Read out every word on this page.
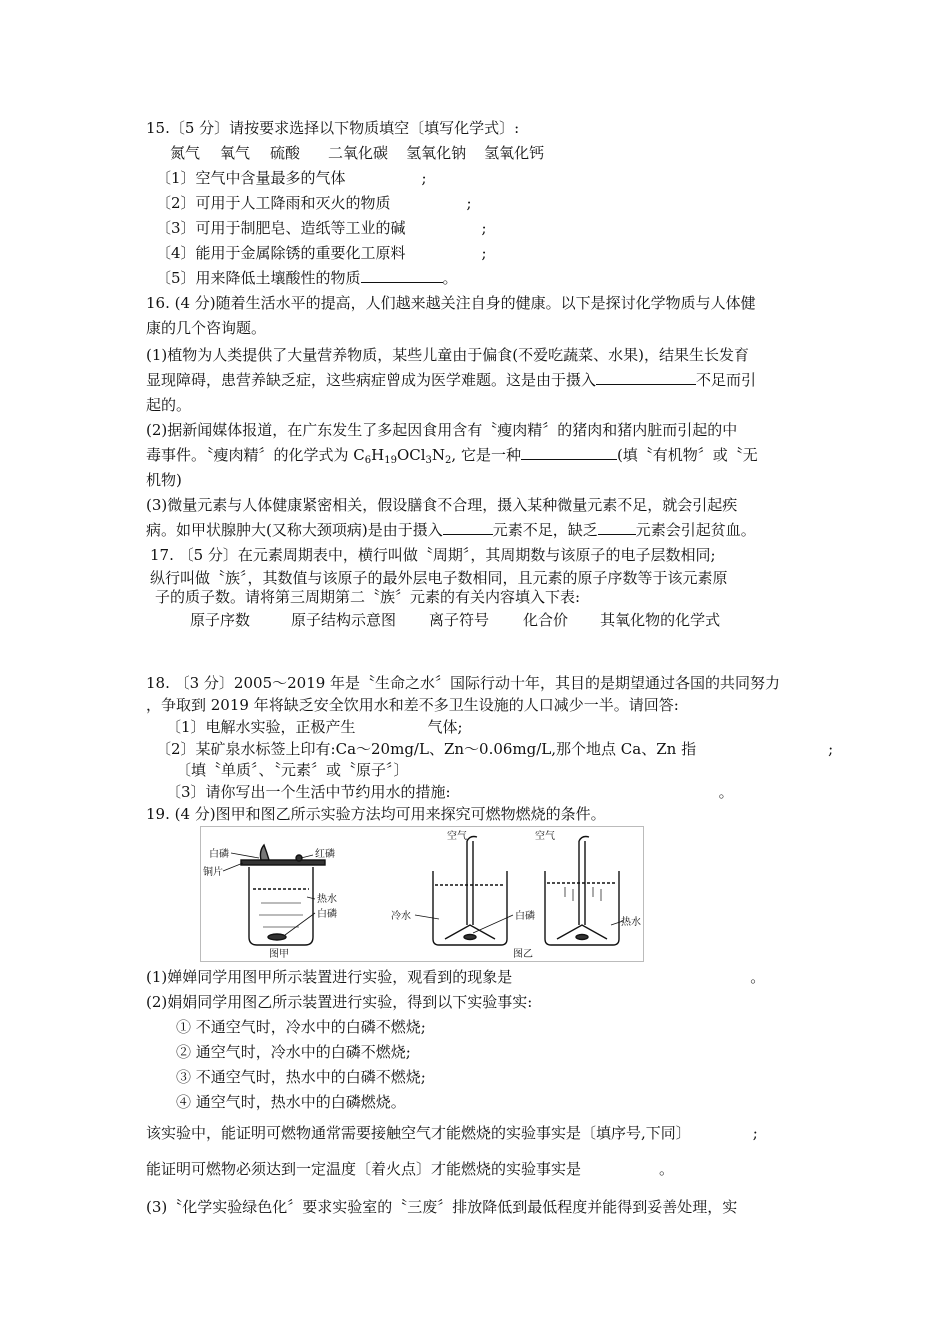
15.〔5 分〕请按要求选择以下物质填空〔填写化学式〕:
氮气 氧气 硫酸 二氧化碳 氢氧化钠 氢氧化钙
〔1〕空气中含量最多的气体	;
〔2〕可用于人工降雨和灭火的物质	;
〔3〕可用于制肥皂、造纸等工业的碱	;
〔4〕能用于金属除锈的重要化工原料	;
〔5〕用来降低土壤酸性的物质	。
16. (4 分)随着生活水平的提高，人们越来越关注自身的健康。以下是探讨化学物质与人体健
康的几个咨询题。
(1)植物为人类提供了大量营养物质，某些儿童由于偏食(不爱吃蔬菜、水果)，结果生长发育
显现障碍，患营养缺乏症，这些病症曾成为医学难题。这是由于摄入	不足而引
起的。
(2)据新闻媒体报道，在广东发生了多起因食用含有〝瘦肉精〞的猪肉和猪内脏而引起的中
毒事件。〝瘦肉精〞的化学式为 $C_6H_{19}OCl_3N_2$, 它是一种	(填〝有机物〞或〝无
机物)
(3)微量元素与人体健康紧密相关，假设膳食不合理，摄入某种微量元素不足，就会引起疾
病。如甲状腺肿大(又称大颈项病)是由于摄入	元素不足，缺乏	元素会引起贫血。
17. 〔5 分〕在元素周期表中，横行叫做〝周期〞，其周期数与该原子的电子层数相同;
纵行叫做〝族〞，其数值与该原子的最外层电子数相同，且元素的原子序数等于该元素原
子的质子数。请将第三周期第二〝族〞元素的有关内容填入下表:
原子序数	原子结构示意图 离子符号 化合价 其氧化物的化学式
18. 〔3 分〕2005～2019 年是〝生命之水〞国际行动十年，其目的是期望通过各国的共同努力
，争取到 2019 年将缺乏安全饮用水和差不多卫生设施的人口减少一半。请回答:
〔1〕电解水实验，正极产生	气体;
〔2〕某矿泉水标签上印有:Ca～20mg/L、Zn～0.06mg/L,那个地点 Ca、Zn 指	;
〔填〝单质〞、〝元素〞或〝原子〞〕
〔3〕请你写出一个生活中节约用水的措施:	。
19. (4 分)图甲和图乙所示实验方法均可用来探究可燃物燃烧的条件。
白磷	红磷
铜片
热水
白磷
图甲
空气	空气
冷水	白磷
热水
图乙
(1)婵婵同学用图甲所示装置进行实验，观看到的现象是	。
(2)娟娟同学用图乙所示装置进行实验，得到以下实验事实:
① 不通空气时，冷水中的白磷不燃烧;
② 通空气时，冷水中的白磷不燃烧;
③ 不通空气时，热水中的白磷不燃烧;
④ 通空气时，热水中的白磷燃烧。
该实验中，能证明可燃物通常需要接触空气才能燃烧的实验事实是〔填序号,下同〕	;
能证明可燃物必须达到一定温度〔着火点〕才能燃烧的实验事实是	。
(3)〝化学实验绿色化〞要求实验室的〝三废〞排放降低到最低程度并能得到妥善处理，实
